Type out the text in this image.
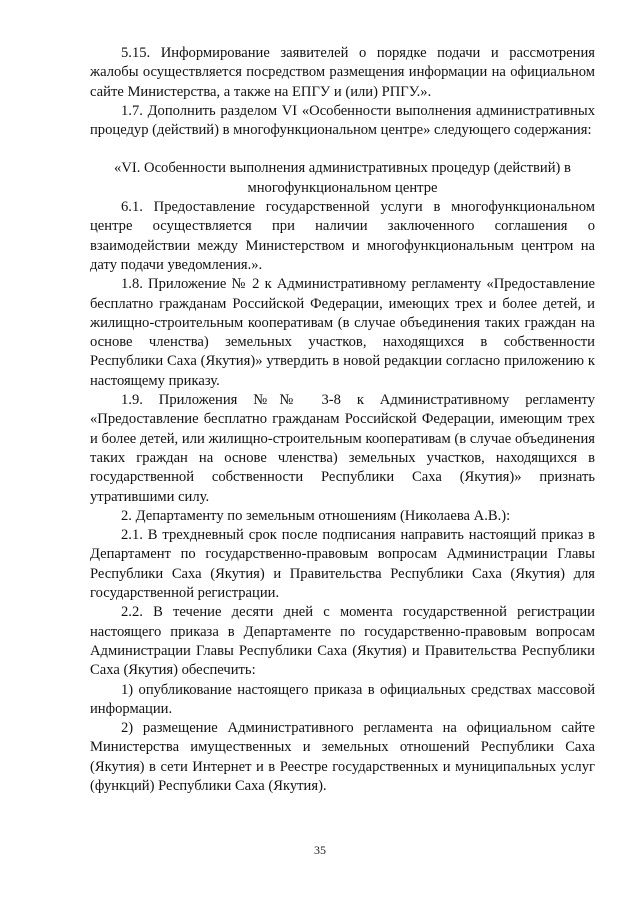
5.15. Информирование заявителей о порядке подачи и рассмотрения жалобы осуществляется посредством размещения информации на официальном сайте Министерства, а также на ЕПГУ и (или) РПГУ.».

1.7. Дополнить разделом VI «Особенности выполнения административных процедур (действий) в многофункциональном центре» следующего содержания:

«VI. Особенности выполнения административных процедур (действий) в многофункциональном центре

6.1. Предоставление государственной услуги в многофункциональном центре осуществляется при наличии заключенного соглашения о взаимодействии между Министерством и многофункциональным центром на дату подачи уведомления.».

1.8. Приложение № 2 к Административному регламенту «Предоставление бесплатно гражданам Российской Федерации, имеющих трех и более детей, и жилищно-строительным кооперативам (в случае объединения таких граждан на основе членства) земельных участков, находящихся в собственности Республики Саха (Якутия)» утвердить в новой редакции согласно приложению к настоящему приказу.

1.9. Приложения №№ 3-8 к Административному регламенту «Предоставление бесплатно гражданам Российской Федерации, имеющим трех и более детей, или жилищно-строительным кооперативам (в случае объединения таких граждан на основе членства) земельных участков, находящихся в государственной собственности Республики Саха (Якутия)» признать утратившими силу.

2. Департаменту по земельным отношениям (Николаева А.В.):

2.1. В трехдневный срок после подписания направить настоящий приказ в Департамент по государственно-правовым вопросам Администрации Главы Республики Саха (Якутия) и Правительства Республики Саха (Якутия) для государственной регистрации.

2.2. В течение десяти дней с момента государственной регистрации настоящего приказа в Департаменте по государственно-правовым вопросам Администрации Главы Республики Саха (Якутия) и Правительства Республики Саха (Якутия) обеспечить:

1) опубликование настоящего приказа в официальных средствах массовой информации.

2) размещение Административного регламента на официальном сайте Министерства имущественных и земельных отношений Республики Саха (Якутия) в сети Интернет и в Реестре государственных и муниципальных услуг (функций) Республики Саха (Якутия).

35
